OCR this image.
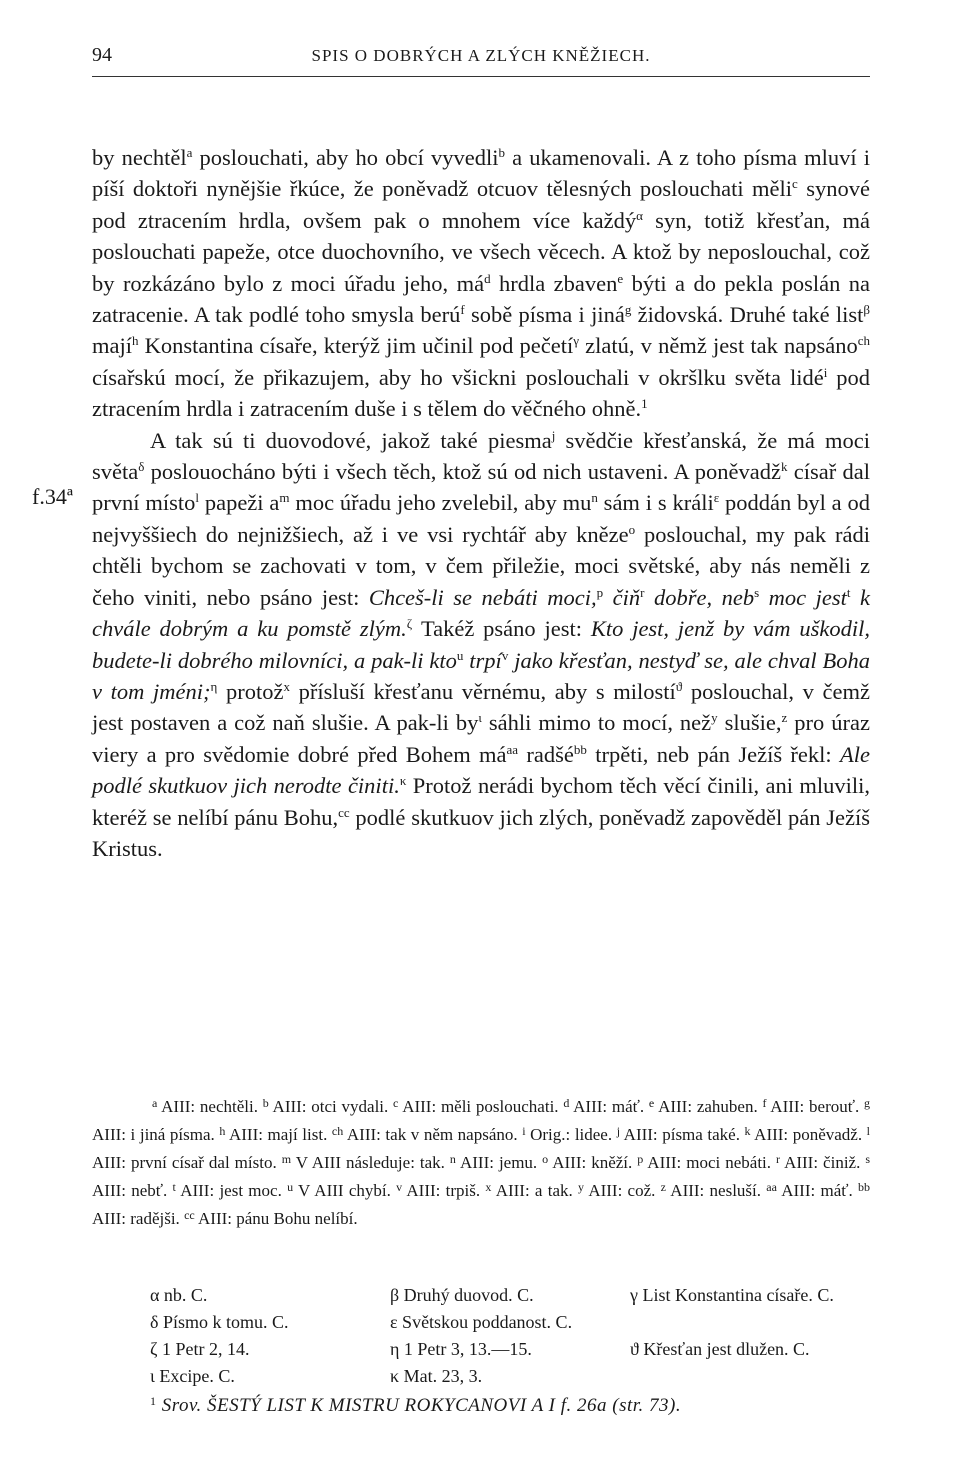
94	SPIS O DOBRÝCH A ZLÝCH KNĚŽIECH.
f.34ª

by nechtěl$^a$ poslouchati, aby ho obcí vyvedli$^b$ a ukamenovali. A z toho písma mluví i píší doktoři nynějšie řkúce, že poněvadž otcuov tělesných poslouchati měli$^c$ synové pod ztracením hrdla, ovšem pak o mnohem více každý$^\alpha$ syn, totiž křesťan, má poslouchati papeže, otce duochovního, ve všech věcech. A ktož by neposlouchal, což by rozkázáno bylo z moci úřadu jeho, $má^d$ hrdla zbaven$^e$ býti a do pekla poslán na zatracenie. A tak podlé toho smysla berú$^f$ sobě písma i jiná$^g$ židovská. Druhé také list$^\beta$ mají$^h$ Konstantina císaře, kterýž jim učinil pod pečetí$^\gamma$ zlatú, v němž jest tak napsáno$^{ch}$ císařskú mocí, že přikazujem, aby ho všickni poslouchali v okršlku světa lidé$^i$ pod ztracením hrdla i zatracením duše i s tělem do věčného ohně.$^1$

A tak sú ti duovodové, jakož také piesma$^j$ svědčie křesťanská, že má moci světa$^\delta$ poslouocháno býti i všech těch, ktož sú od nich ustaveni. A poněvadž$^k$ císař dal první místo$^l$ papeži $a^m$ moc úřadu jeho zvelebil, aby $mu^n$ sám i s králi$^\varepsilon$ poddán byl a od nejvyššiech do nejnižšiech, až i ve vsi rychtář aby kněze$^o$ poslouchal, my pak rádi chtěli bychom se zachovati v tom, v čem přiležie, moci světské, aby nás neměli z čeho viniti, nebo psáno jest: Chceš-li se nebáti moci,$^p$ čiň$^r$ dobře, neb$^s$ moc jest$^t$ k chvále dobrým a ku pomstě zlým.$^\zeta$ Takéž psáno jest: Kto jest, jenž by vám uškodil, budete-li dobrého milovníci, a pak-li kto$^u$ trpí$^v$ jako křesťan, nestyď se, ale chval Boha v tom jméni;$^\eta$ protož$^x$ přísluší křesťanu věrnému, aby s milostí$^ϑ$ poslouchal, v čemž jest postaven a což naň slušie. A pak-li $by^\iota$ sáhli mimo to mocí, než$^y$ slušie,$^z$ pro úraz viery a pro svědomie dobré před Bohem $má^{aa}$ radšé$^{bb}$ trpěti, neb pán Ježíš řekl: Ale podlé skutkuov jich nerodte činiti.$^\kappa$ Protož nerádi bychom těch věcí činili, ani mluvili, kteréž se nelíbí pánu Bohu,$^{cc}$ podlé skutkuov jich zlých, poněvadž zapověděl pán Ježíš Kristus.

$^a$ AIII: nechtěli. $^b$ AIII: otci vydali. $^c$ AIII: měli poslouchati. $^d$ AIII: máť. $^e$ AIII: zahuben. $^f$ AIII: berouť. $^g$ AIII: i jiná písma. $^h$ AIII: mají list. $^{ch}$ AIII: tak v něm napsáno. $^i$ Orig.: lidee. $^j$ AIII: písma také. $^k$ AIII: poněvadž. $^l$ AIII: první císař dal místo. $^m$ V AIII následuje: tak. $^n$ AIII: jemu. $^o$ AIII: kněží. $^p$ AIII: moci nebáti. $^r$ AIII: činiž. $^s$ AIII: nebť. $^t$ AIII: jest moc. $^u$ V AIII chybí. $^v$ AIII: trpiš. $^x$ AIII: a tak. $^y$ AIII: což. $^z$ AIII: nesluší. $^{aa}$ AIII: máť. $^{bb}$ AIII: radějši. $^{cc}$ AIII: pánu Bohu nelíbí.

α nb. C.	β Druhý duovod. C.	γ List Konstantina císaře. C.
δ Písmo k tomu. C.	ε Světskou poddanost. C.
ζ 1 Petr 2, 14.	η 1 Petr 3, 13.—15.	ϑ Křesťan jest dlužen. C.
ι Excipe. C.	κ Mat. 23, 3.
$^1$ Srov. ŠESTÝ LIST K MISTRU ROKYCANOVI A I f. 26a (str. 73).
